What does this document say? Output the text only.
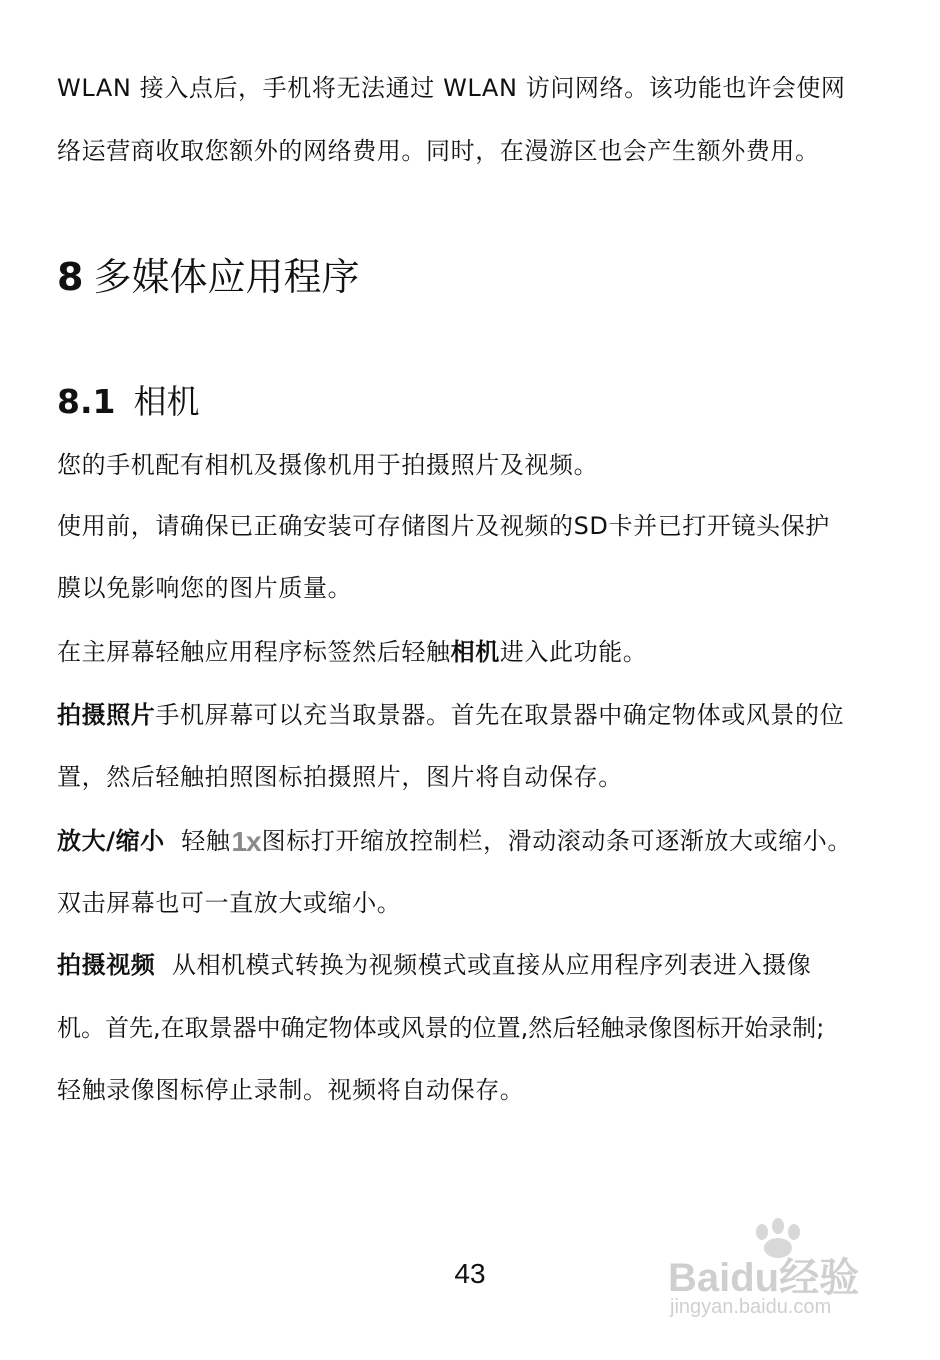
WLAN 接入点后，手机将无法通过 WLAN 访问网络。该功能也许会使网
络运营商收取您额外的网络费用。同时，在漫游区也会产生额外费用。
8 多媒体应用程序
8.1 相机
您的手机配有相机及摄像机用于拍摄照片及视频。
使用前，请确保已正确安装可存储图片及视频的SD卡并已打开镜头保护
膜以免影响您的图片质量。
在主屏幕轻触应用程序标签然后轻触相机进入此功能。
拍摄照片手机屏幕可以充当取景器。首先在取景器中确定物体或风景的位
置，然后轻触拍照图标拍摄照片，图片将自动保存。
放大/缩小  轻触1x图标打开缩放控制栏，滑动滚动条可逐渐放大或缩小。
双击屏幕也可一直放大或缩小。
拍摄视频  从相机模式转换为视频模式或直接从应用程序列表进入摄像
机。首先,在取景器中确定物体或风景的位置,然后轻触录像图标开始录制;
轻触录像图标停止录制。视频将自动保存。
43	Baidu经验
jingyan.baidu.com
